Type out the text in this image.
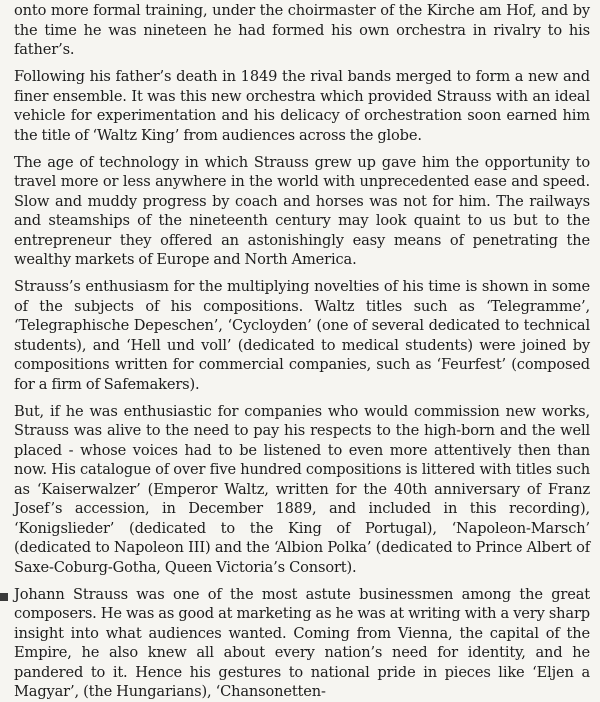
onto more formal training, under the choirmaster of the Kirche am Hof, and by the time he was nineteen he had formed his own orchestra in rivalry to his father’s.

Following his father’s death in 1849 the rival bands merged to form a new and finer ensemble. It was this new orchestra which provided Strauss with an ideal vehicle for experimentation and his delicacy of orchestration soon earned him the title of ‘Waltz King’ from audiences across the globe.

The age of technology in which Strauss grew up gave him the opportunity to travel more or less anywhere in the world with unprecedented ease and speed. Slow and muddy progress by coach and horses was not for him. The railways and steamships of the nineteenth century may look quaint to us but to the entrepreneur they offered an astonishingly easy means of penetrating the wealthy markets of Europe and North America.

Strauss’s enthusiasm for the multiplying novelties of his time is shown in some of the subjects of his compositions. Waltz titles such as ‘Telegramme’, ‘Telegraphische Depeschen’, ‘Cycloyden’ (one of several dedicated to technical students), and ‘Hell und voll’ (dedicated to medical students) were joined by compositions written for commercial companies, such as ‘Feurfest’ (composed for a firm of Safemakers).

But, if he was enthusiastic for companies who would commission new works, Strauss was alive to the need to pay his respects to the high-born and the well placed - whose voices had to be listened to even more attentively then than now. His catalogue of over five hundred compositions is littered with titles such as ‘Kaiserwalzer’ (Emperor Waltz, written for the 40th anniversary of Franz Josef’s accession, in December 1889, and included in this recording), ‘Konigslieder’ (dedicated to the King of Portugal), ‘Napoleon-Marsch’ (dedicated to Napoleon III) and the ‘Albion Polka’ (dedicated to Prince Albert of Saxe-Coburg-Gotha, Queen Victoria’s Consort).

Johann Strauss was one of the most astute businessmen among the great composers. He was as good at marketing as he was at writing with a very sharp insight into what audiences wanted. Coming from Vienna, the capital of the Empire, he also knew all about every nation’s need for identity, and he pandered to it. Hence his gestures to national pride in pieces like ‘Eljen a Magyar’, (the Hungarians), ‘Chansonetten-
